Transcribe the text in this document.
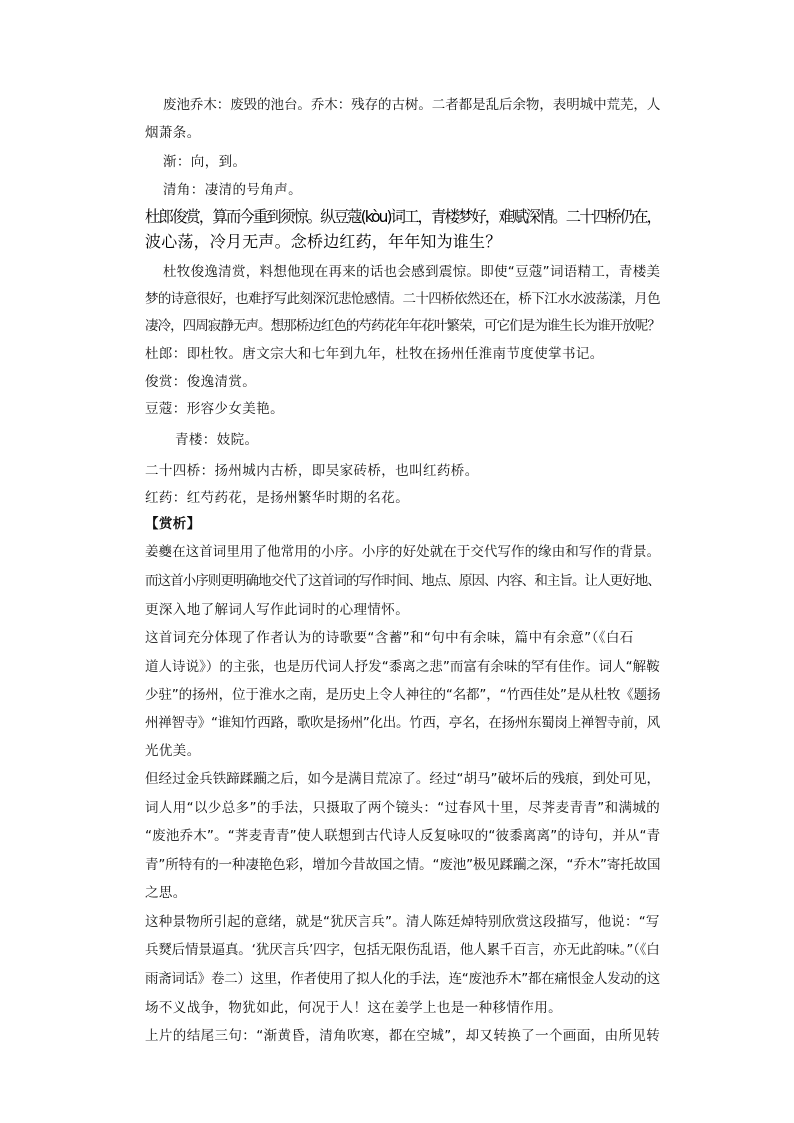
废池乔木：废毁的池台。乔木：残存的古树。二者都是乱后余物，表明城中荒芜，人
烟萧条。
渐：向，到。
清角：凄清的号角声。
杜郎俊赏，算而今重到须惊。纵豆蔻(kòu)词工，青楼梦好，难赋深情。二十四桥仍在，
波心荡，冷月无声。念桥边红药，年年知为谁生？
杜牧俊逸清赏，料想他现在再来的话也会感到震惊。即使“豆蔻”词语精工，青楼美
梦的诗意很好，也难抒写此刻深沉悲怆感情。二十四桥依然还在，桥下江水水波荡漾，月色
凄冷，四周寂静无声。想那桥边红色的芍药花年年花叶繁荣，可它们是为谁生长为谁开放呢？
杜郎：即杜牧。唐文宗大和七年到九年，杜牧在扬州任淮南节度使掌书记。
俊赏：俊逸清赏。
豆蔻：形容少女美艳。
青楼：妓院。
二十四桥：扬州城内古桥，即吴家砖桥，也叫红药桥。
红药：红芍药花，是扬州繁华时期的名花。
【赏析】
姜夔在这首词里用了他常用的小序。小序的好处就在于交代写作的缘由和写作的背景。
而这首小序则更明确地交代了这首词的写作时间、地点、原因、内容、和主旨。让人更好地、
更深入地了解词人写作此词时的心理情怀。
这首词充分体现了作者认为的诗歌要“含蓄”和“句中有余味，篇中有余意”（《白石
道人诗说》）的主张，也是历代词人抒发“黍离之悲”而富有余味的罕有佳作。词人“解鞍
少驻”的扬州，位于淮水之南，是历史上令人神往的“名都”，“竹西佳处”是从杜牧《题扬
州禅智寺》“谁知竹西路，歌吹是扬州”化出。竹西，亭名，在扬州东蜀岗上禅智寺前，风
光优美。
但经过金兵铁蹄蹂躏之后，如今是满目荒凉了。经过“胡马”破坏后的残痕，到处可见，
词人用“以少总多”的手法，只摄取了两个镜头：“过春风十里，尽荠麦青青”和满城的
“废池乔木”。“荠麦青青”使人联想到古代诗人反复咏叹的“彼黍离离”的诗句，并从“青
青”所特有的一种凄艳色彩，增加今昔故国之情。“废池”极见蹂躏之深，“乔木”寄托故国
之思。
这种景物所引起的意绪，就是“犹厌言兵”。清人陈廷焯特别欣赏这段描写，他说：“写
兵燹后情景逼真。‘犹厌言兵’四字，包括无限伤乱语，他人累千百言，亦无此韵味。”（《白
雨斋词话》卷二）这里，作者使用了拟人化的手法，连“废池乔木”都在痛恨金人发动的这
场不义战争，物犹如此，何况于人！这在姜学上也是一种移情作用。
上片的结尾三句：“渐黄昏，清角吹寒，都在空城”，却又转换了一个画面，由所见转
